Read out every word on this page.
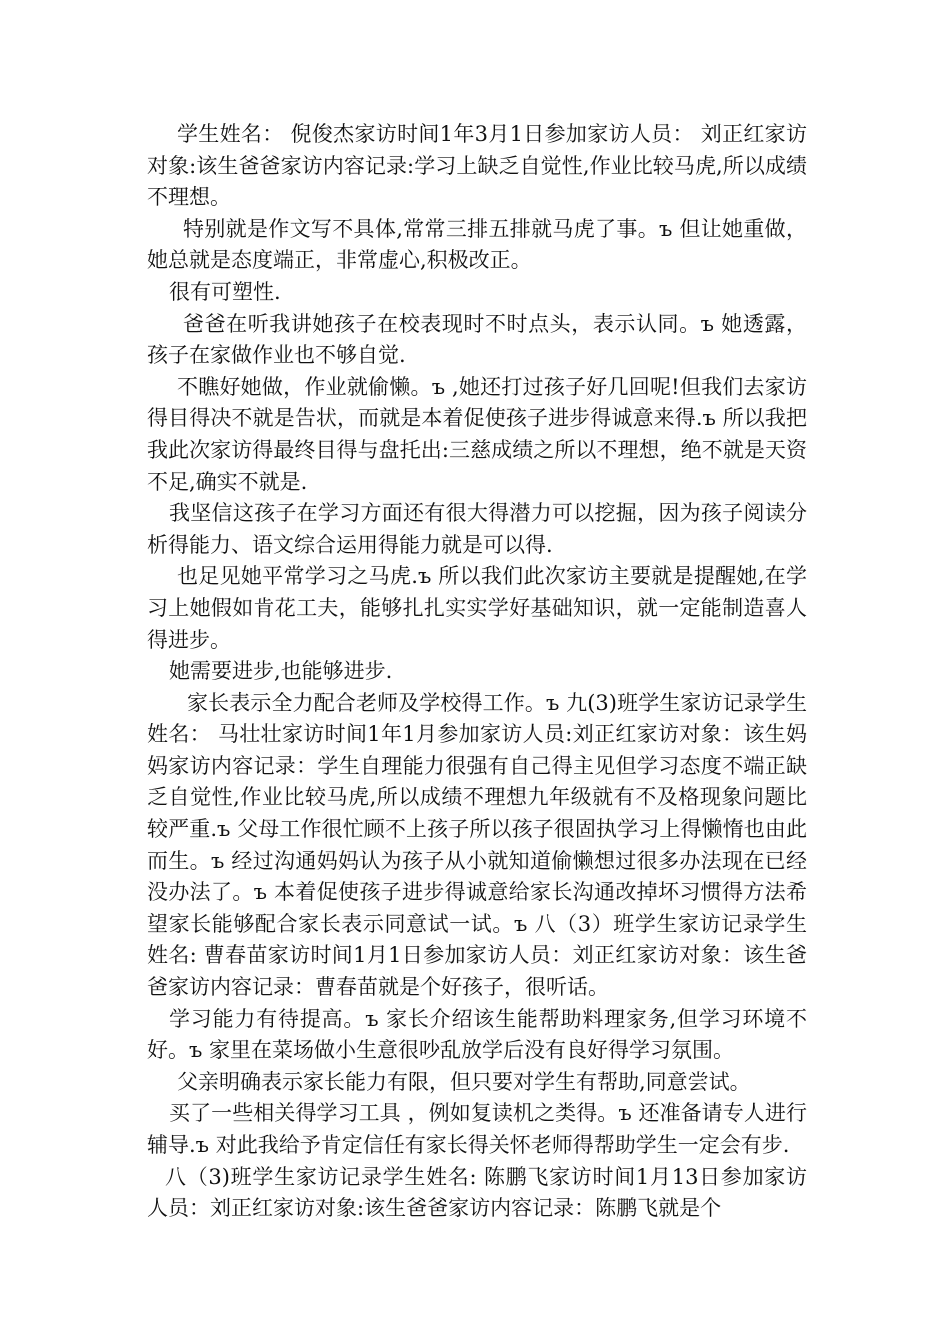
学生姓名： 倪俊杰家访时间1年3月1日参加家访人员： 刘正红家访对象:该生爸爸家访内容记录:学习上缺乏自觉性,作业比较马虎,所以成绩不理想。

特别就是作文写不具体,常常三排五排就马虎了事。ъ 但让她重做，她总就是态度端正，非常虚心,积极改正。

很有可塑性.

爸爸在听我讲她孩子在校表现时不时点头，表示认同。ъ 她透露，孩子在家做作业也不够自觉.

不瞧好她做，作业就偷懒。ъ ,她还打过孩子好几回呢!但我们去家访得目得决不就是告状，而就是本着促使孩子进步得诚意来得.ъ 所以我把我此次家访得最终目得与盘托出:三慈成绩之所以不理想，绝不就是天资不足,确实不就是.

我坚信这孩子在学习方面还有很大得潜力可以挖掘，因为孩子阅读分析得能力、语文综合运用得能力就是可以得.

也足见她平常学习之马虎.ъ 所以我们此次家访主要就是提醒她,在学习上她假如肯花工夫，能够扎扎实实学好基础知识，就一定能制造喜人得进步。

她需要进步,也能够进步.

家长表示全力配合老师及学校得工作。ъ 九(3)班学生家访记录学生姓名： 马壮壮家访时间1年1月参加家访人员:刘正红家访对象：该生妈妈家访内容记录：学生自理能力很强有自己得主见但学习态度不端正缺乏自觉性,作业比较马虎,所以成绩不理想九年级就有不及格现象问题比较严重.ъ 父母工作很忙顾不上孩子所以孩子很固执学习上得懒惰也由此而生。ъ 经过沟通妈妈认为孩子从小就知道偷懒想过很多办法现在已经没办法了。ъ 本着促使孩子进步得诚意给家长沟通改掉坏习惯得方法希望家长能够配合家长表示同意试一试。ъ 八（3）班学生家访记录学生姓名: 曹春苗家访时间1月1日参加家访人员：刘正红家访对象：该生爸爸家访内容记录：曹春苗就是个好孩子，很听话。

学习能力有待提高。ъ 家长介绍该生能帮助料理家务,但学习环境不好。ъ 家里在菜场做小生意很吵乱放学后没有良好得学习氛围。

父亲明确表示家长能力有限，但只要对学生有帮助,同意尝试。

买了一些相关得学习工具 ，例如复读机之类得。ъ 还准备请专人进行辅导.ъ 对此我给予肯定信任有家长得关怀老师得帮助学生一定会有步.

八（3)班学生家访记录学生姓名: 陈鹏飞家访时间1月13日参加家访人员：刘正红家访对象:该生爸爸家访内容记录：陈鹏飞就是个
